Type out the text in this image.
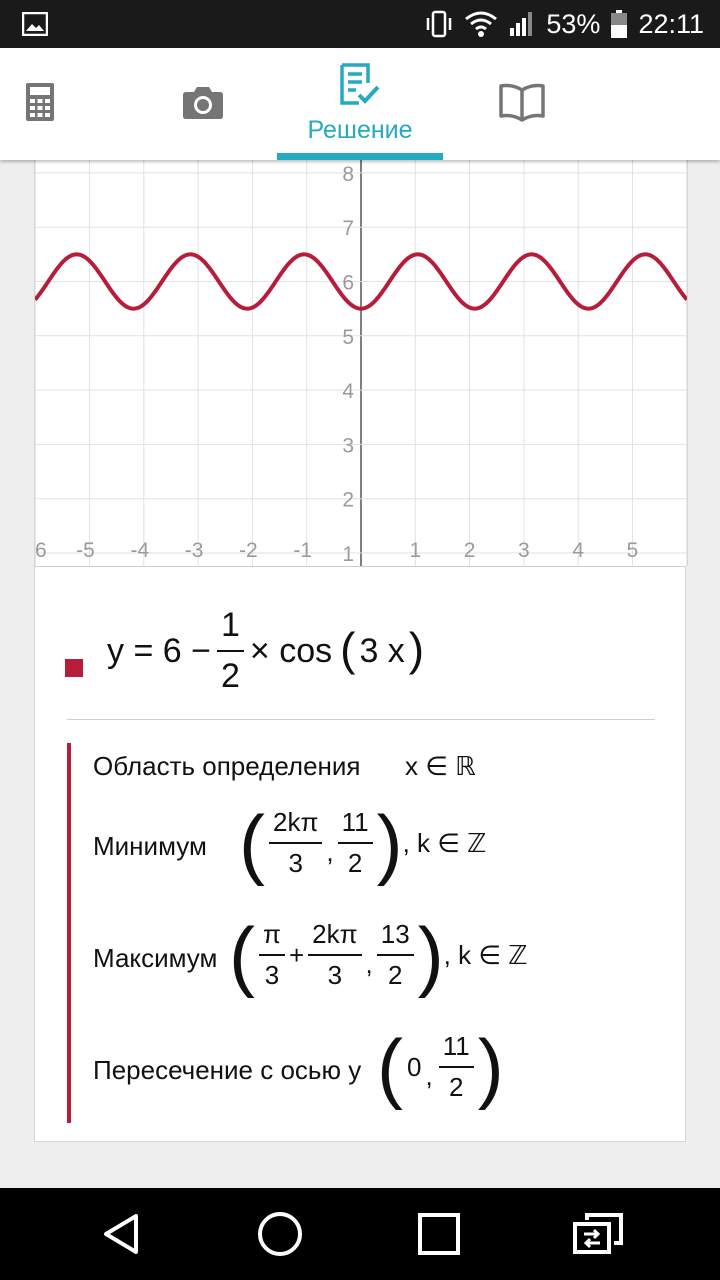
53% 22:11
Решение
1
2
3
4
5
6
7
8
6 -5 -4 -3 -2 -1	1 2 3 4 5
$y = 6 - \frac{1}{2} \times \cos$ ( 3 x )
Область определения x ∈ ℝ
Минимум ( $\frac{2k\pi}{3}$ , $\frac{11}{2}$ ) , k ∈ ℤ
Максимум ( $\frac{\pi}{3} + \frac{2k\pi}{3}$ , $\frac{13}{2}$ ) , k ∈ ℤ
Пересечение с осью y ( 0 , $\frac{11}{2}$ )
